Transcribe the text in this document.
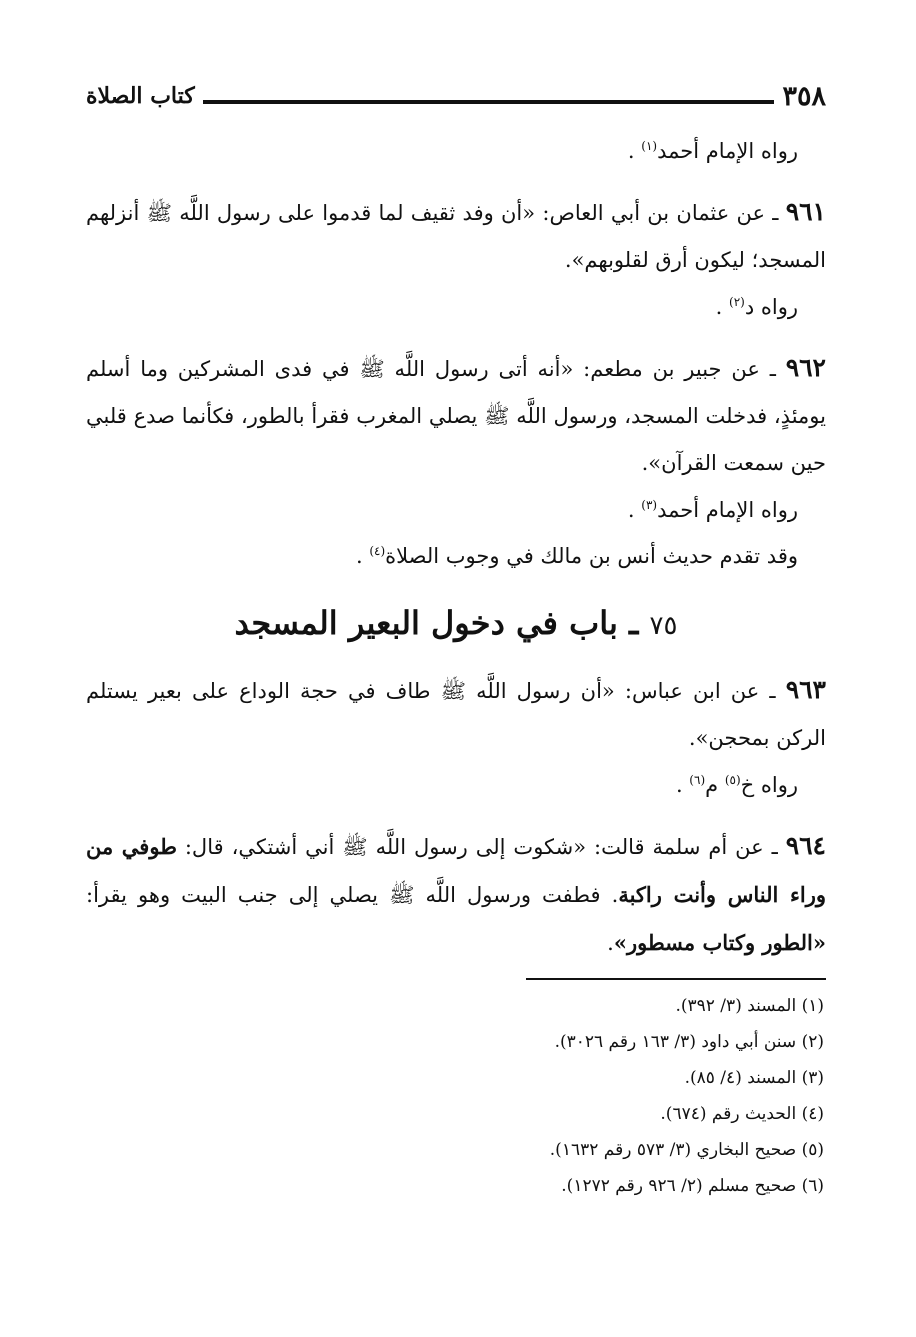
٣٥٨
كتاب الصلاة

رواه الإمام أحمد$^{(١)}$ .

٩٦١ ـ عن عثمان بن أبي العاص: «أن وفد ثقيف لما قدموا على رسول اللَّه ﷺ أنزلهم المسجد؛ ليكون أرق لقلوبهم».

رواه د$^{(٢)}$ .

٩٦٢ ـ عن جبير بن مطعم: «أنه أتى رسول اللَّه ﷺ في فدى المشركين وما أسلم يومئذٍ، فدخلت المسجد، ورسول اللَّه ﷺ يصلي المغرب فقرأ بالطور، فكأنما صدع قلبي حين سمعت القرآن».

رواه الإمام أحمد$^{(٣)}$ .

وقد تقدم حديث أنس بن مالك في وجوب الصلاة$^{(٤)}$ .

٧٥ ـ باب في دخول البعير المسجد

٩٦٣ ـ عن ابن عباس: «أن رسول اللَّه ﷺ طاف في حجة الوداع على بعير يستلم الركن بمحجن».

رواه خ$^{(٥)}$ م$^{(٦)}$ .

٩٦٤ ـ عن أم سلمة قالت: «شكوت إلى رسول اللَّه ﷺ أني أشتكي، قال: طوفي من وراء الناس وأنت راكبة. فطفت ورسول اللَّه ﷺ يصلي إلى جنب البيت وهو يقرأ: «الطور وكتاب مسطور».

(١) المسند (٣/ ٣٩٢).
(٢) سنن أبي داود (٣/ ١٦٣ رقم ٣٠٢٦).
(٣) المسند (٤/ ٨٥).
(٤) الحديث رقم (٦٧٤).
(٥) صحيح البخاري (٣/ ٥٧٣ رقم ١٦٣٢).
(٦) صحيح مسلم (٢/ ٩٢٦ رقم ١٢٧٢).
